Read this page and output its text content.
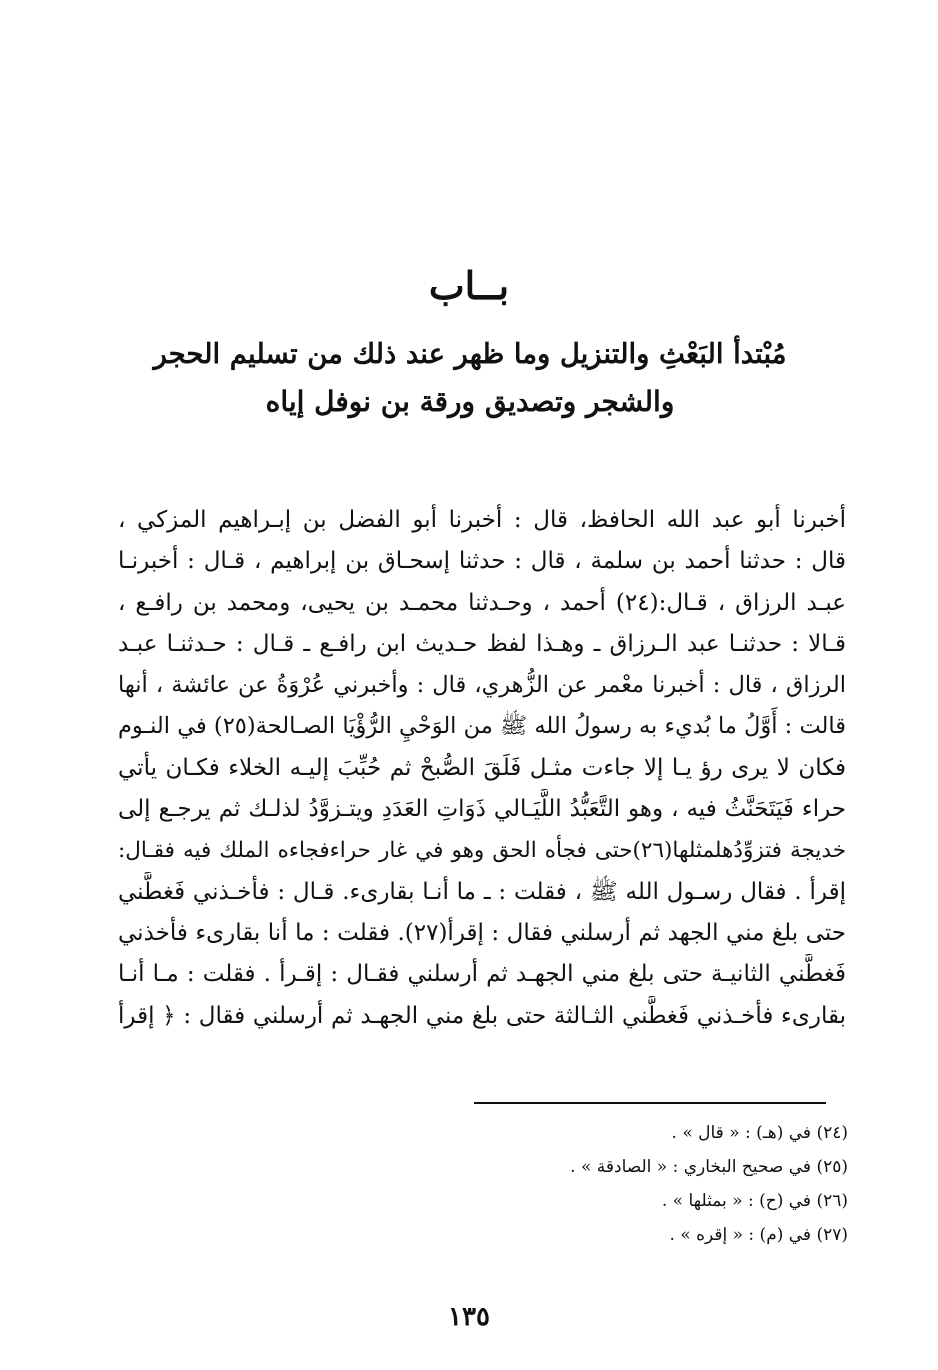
بــاب
مُبْتدأ البَعْثِ والتنزيل وما ظهر عند ذلك من تسليم الحجر
والشجر وتصديق ورقة بن نوفل إياه
أخبرنا أبو عبد الله الحافظ، قال : أخبرنا أبو الفضل بن إبـراهيم المزكي ،
قال : حدثنا أحمد بن سلمة ، قال : حدثنا إسحـاق بن إبراهيم ، قـال : أخبرنـا
عبـد الرزاق ، قـال:(٢٤) أحمد ، وحـدثنا محمـد بن يحيى، ومحمد بن رافـع ،
قـالا : حدثنـا عبد الـرزاق ـ وهـذا لفظ حـديث ابن رافـع ـ قـال : حـدثنـا عبـد
الرزاق ، قال : أخبرنا معْمر عن الزُّهري، قال : وأخبرني عُرْوَةُ عن عائشة ، أنها
قالت : أَوَّلُ ما بُديء به رسولُ الله ﷺ من الوَحْيِ الرُّؤْيَا الصـالحة(٢٥) في النـوم
فكان لا يرى رؤ يـا إلا جاءت مثـل فَلَقَ الصُّبحْ ثم حُبِّبَ إليـه الخلاء فكـان يأتي
حراء فَيَتَحَنَّثُ فيه ، وهو التَّعَبُّدُ اللَّيَـالي ذَوَاتِ العَدَدِ ويتـزوَّدُ لذلـك ثم يرجـع إلى
خديجة فتزوِّدُهلمثلها(٢٦)حتى فجأه الحق وهو في غار حراءفجاءه الملك فيه فقـال:
إقرأ . فقال رسـول الله ﷺ ، فقلت : ـ ما أنـا بقارىء. قـال : فأخـذني فَغطَّني
حتى بلغ مني الجهد ثم أرسلني فقال : إقرأ(٢٧). فقلت : ما أنا بقارىء فأخذني
فَغطَّني الثانيـة حتى بلغ مني الجهـد ثم أرسلني فقـال : إقـرأ . فقلت : مـا أنـا
بقارىء فأخـذني فَغطَّني الثـالثة حتى بلغ مني الجهـد ثم أرسلني فقال : ﴿ إقرأ
(٢٤) في (هـ) : « قال » .
(٢٥) في صحيح البخاري : « الصادقة » .
(٢٦) في (ح) : « بمثلها » .
(٢٧) في (م) : « إقره » .
١٣٥
